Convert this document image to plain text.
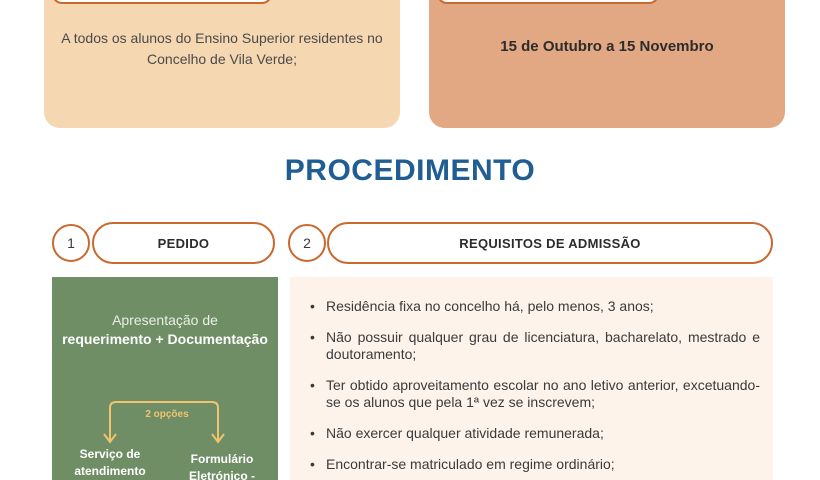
A todos os alunos do Ensino Superior residentes no Concelho de Vila Verde;
15 de Outubro a 15 Novembro
PROCEDIMENTO
1	PEDIDO	2	REQUISITOS DE ADMISSÃO
Apresentação de
requerimento + Documentação
2 opções
Serviço de atendimento
Formulário Eletrónico -
• Residência fixa no concelho há, pelo menos, 3 anos;
• Não possuir qualquer grau de licenciatura, bacharelato, mestrado e doutoramento;
• Ter obtido aproveitamento escolar no ano letivo anterior, excetuando-se os alunos que pela 1ª vez se inscrevem;
• Não exercer qualquer atividade remunerada;
• Encontrar-se matriculado em regime ordinário;
